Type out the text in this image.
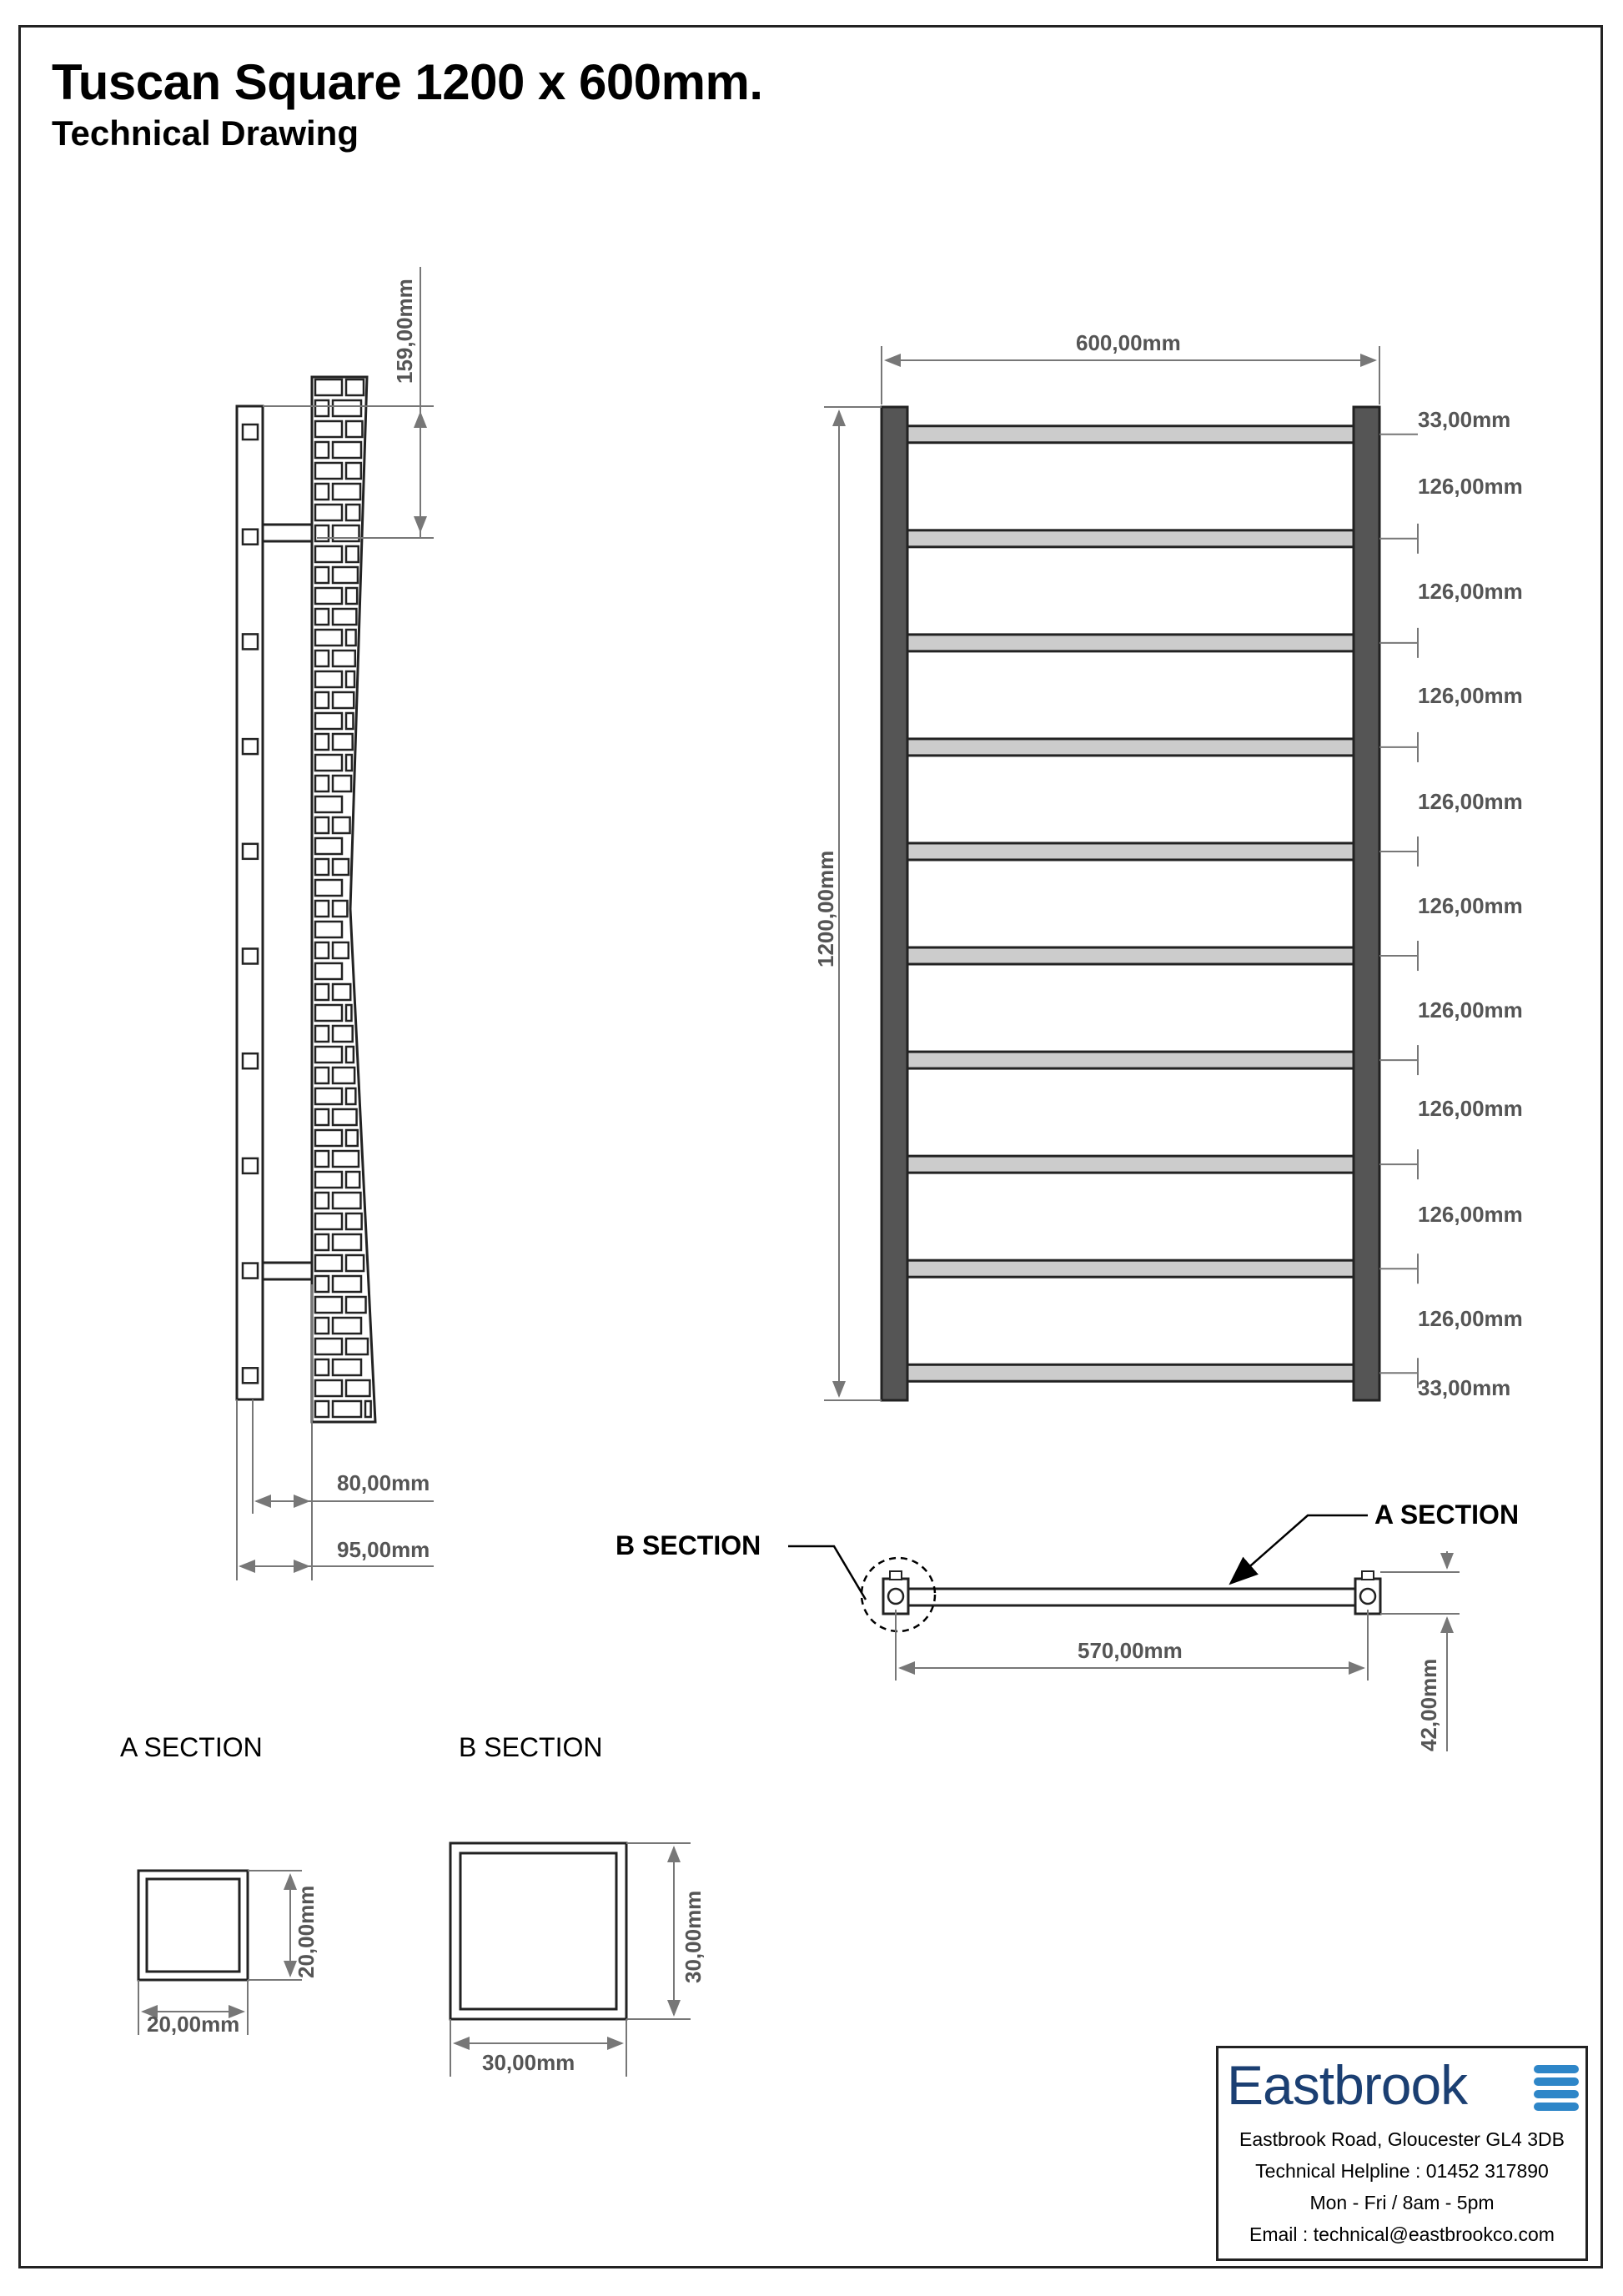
Tuscan Square 1200 x 600mm.
Technical Drawing
159,00mm
80,00mm
95,00mm
600,00mm
1200,00mm
33,00mm
126,00mm
126,00mm
126,00mm
126,00mm
126,00mm
126,00mm
126,00mm
126,00mm
126,00mm
33,00mm
B SECTION
A SECTION
570,00mm
42,00mm
A SECTION
20,00mm
20,00mm
B SECTION
30,00mm
30,00mm	Eastbrook
Eastbrook Road, Gloucester GL4 3DB
Technical Helpline : 01452 317890
Mon - Fri / 8am - 5pm
Email : technical@eastbrookco.com
